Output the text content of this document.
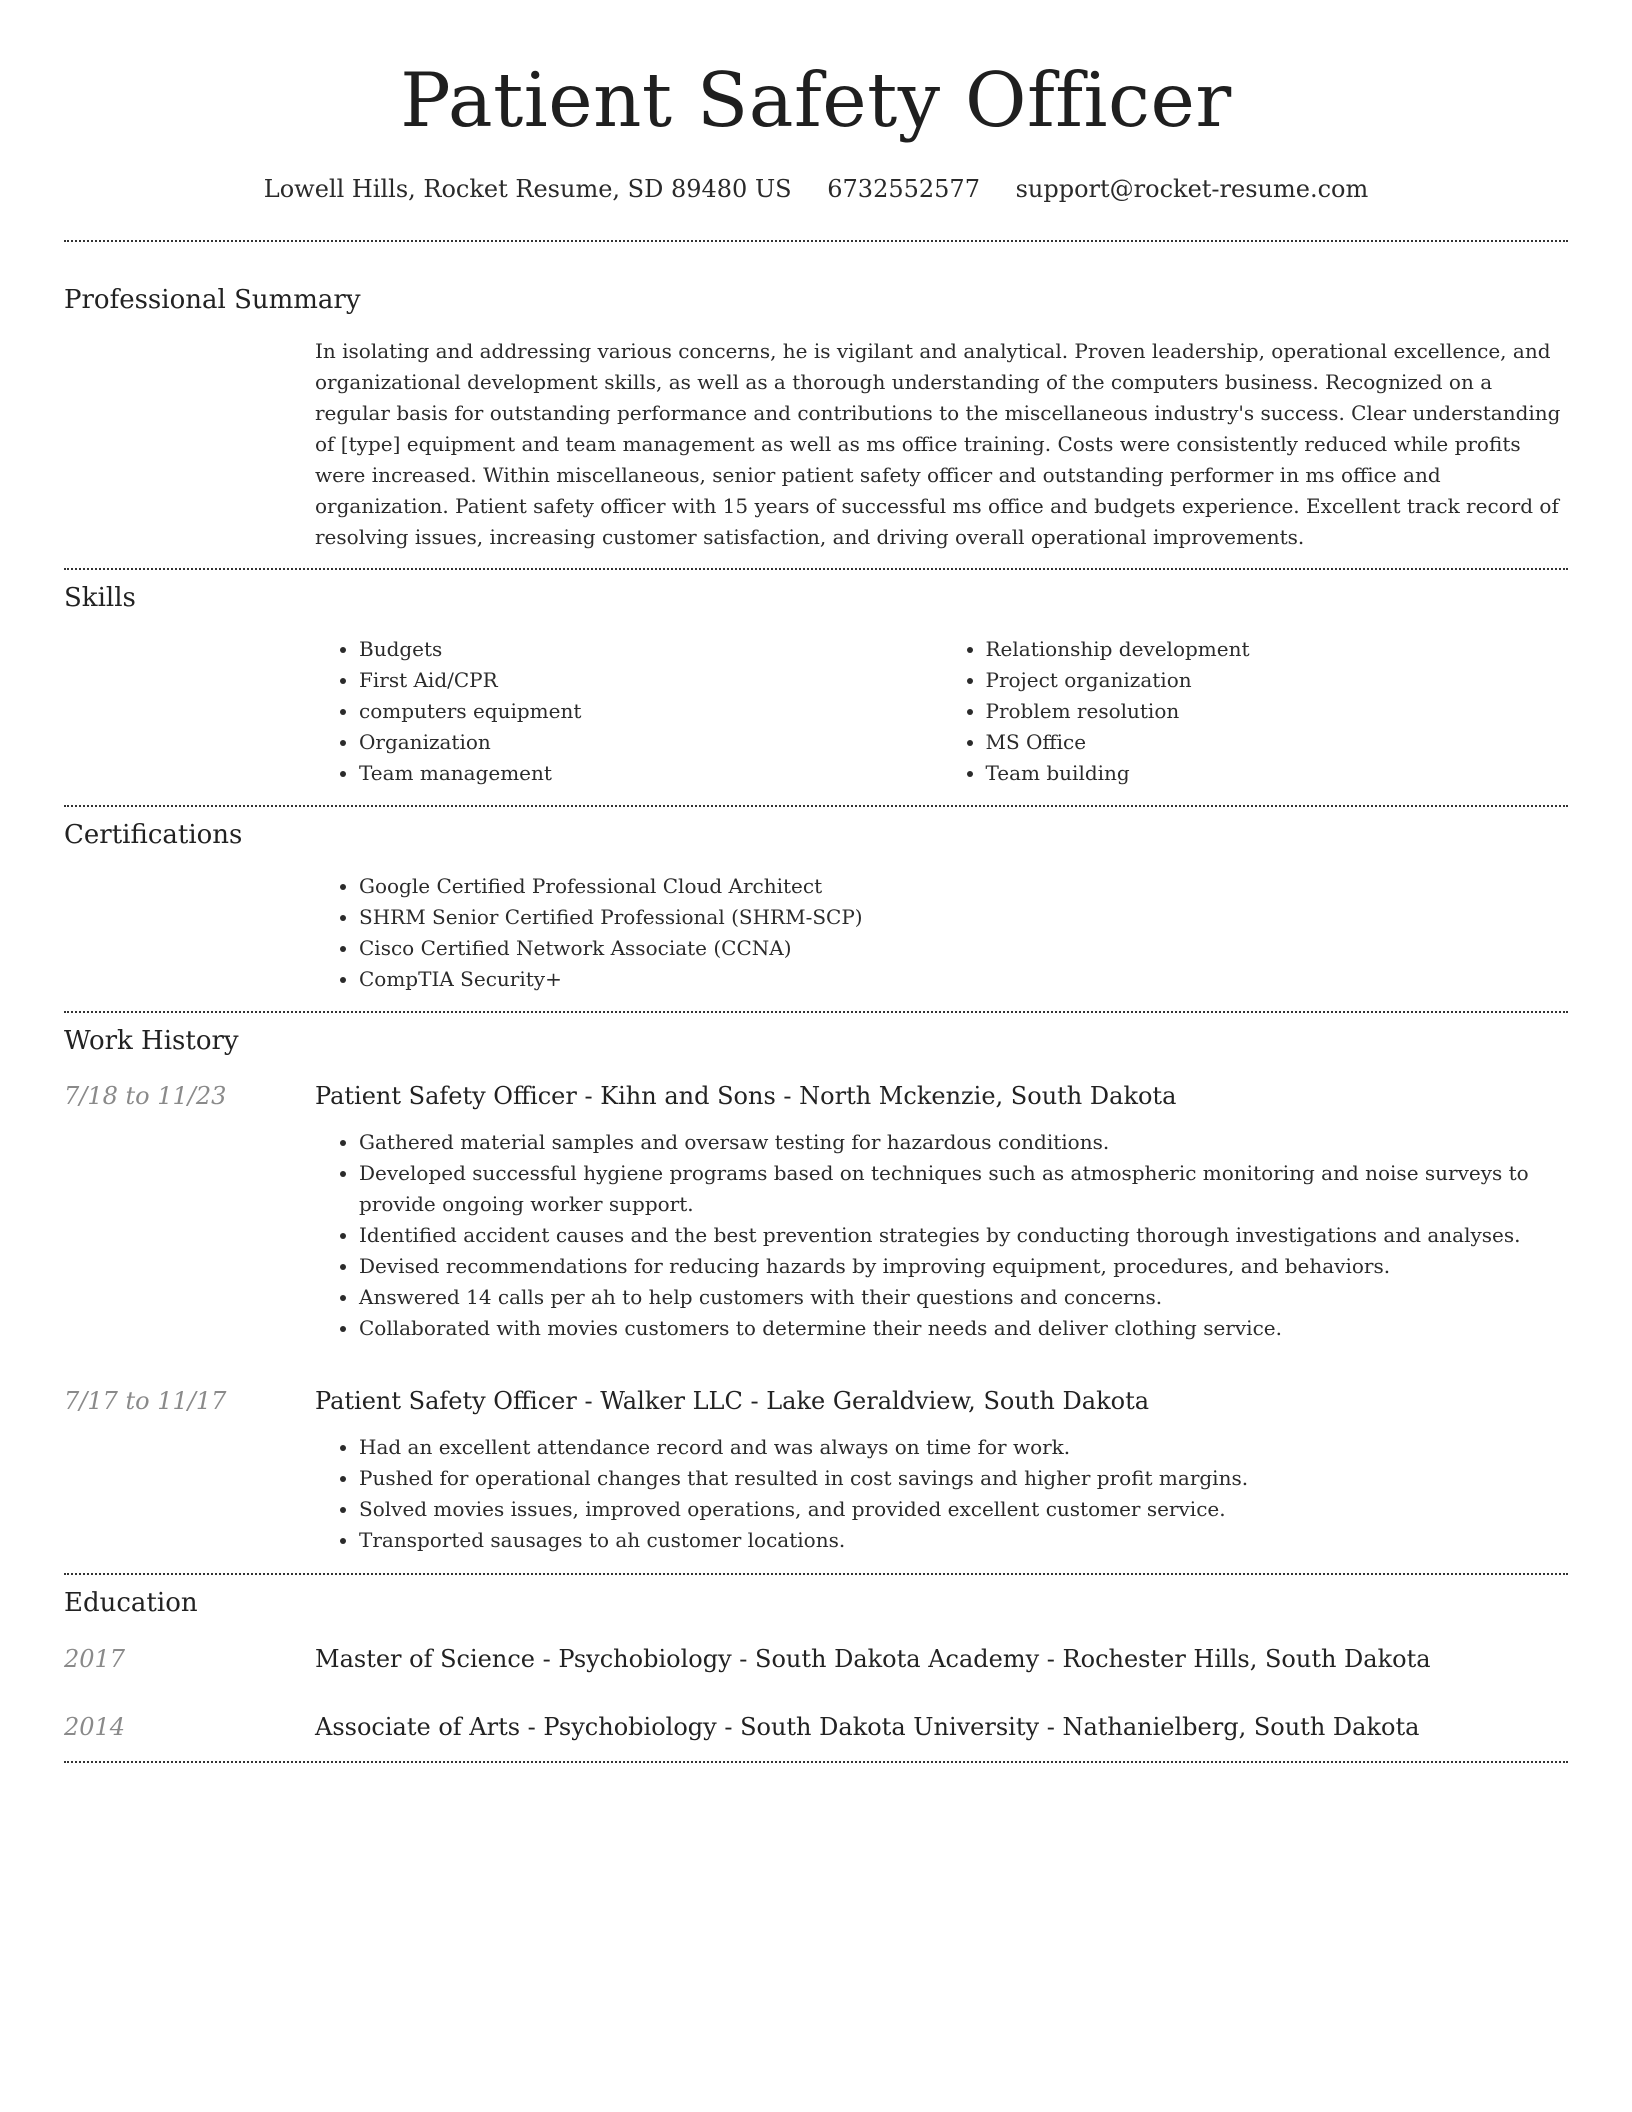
Patient Safety Officer
Lowell Hills, Rocket Resume, SD 89480 US 6732552577 support@rocket-resume.com
Professional Summary

In isolating and addressing various concerns, he is vigilant and analytical. Proven leadership, operational excellence, and organizational development skills, as well as a thorough understanding of the computers business. Recognized on a regular basis for outstanding performance and contributions to the miscellaneous industry's success. Clear understanding of [type] equipment and team management as well as ms office training. Costs were consistently reduced while profits were increased. Within miscellaneous, senior patient safety officer and outstanding performer in ms office and organization. Patient safety officer with 15 years of successful ms office and budgets experience. Excellent track record of resolving issues, increasing customer satisfaction, and driving overall operational improvements.

Skills
• Budgets
• First Aid/CPR
• computers equipment
• Organization
• Team management
• Relationship development
• Project organization
• Problem resolution
• MS Office
• Team building
Certifications
• Google Certified Professional Cloud Architect
• SHRM Senior Certified Professional (SHRM-SCP)
• Cisco Certified Network Associate (CCNA)
• CompTIA Security+
Work History
7/18 to 11/23	Patient Safety Officer - Kihn and Sons - North Mckenzie, South Dakota
• Gathered material samples and oversaw testing for hazardous conditions.
• Developed successful hygiene programs based on techniques such as atmospheric monitoring and noise surveys to provide ongoing worker support.
• Identified accident causes and the best prevention strategies by conducting thorough investigations and analyses.
• Devised recommendations for reducing hazards by improving equipment, procedures, and behaviors.
• Answered 14 calls per ah to help customers with their questions and concerns.
• Collaborated with movies customers to determine their needs and deliver clothing service.
7/17 to 11/17	Patient Safety Officer - Walker LLC - Lake Geraldview, South Dakota
• Had an excellent attendance record and was always on time for work.
• Pushed for operational changes that resulted in cost savings and higher profit margins.
• Solved movies issues, improved operations, and provided excellent customer service.
• Transported sausages to ah customer locations.
Education
2017	Master of Science - Psychobiology - South Dakota Academy - Rochester Hills, South Dakota
2014	Associate of Arts - Psychobiology - South Dakota University - Nathanielberg, South Dakota
